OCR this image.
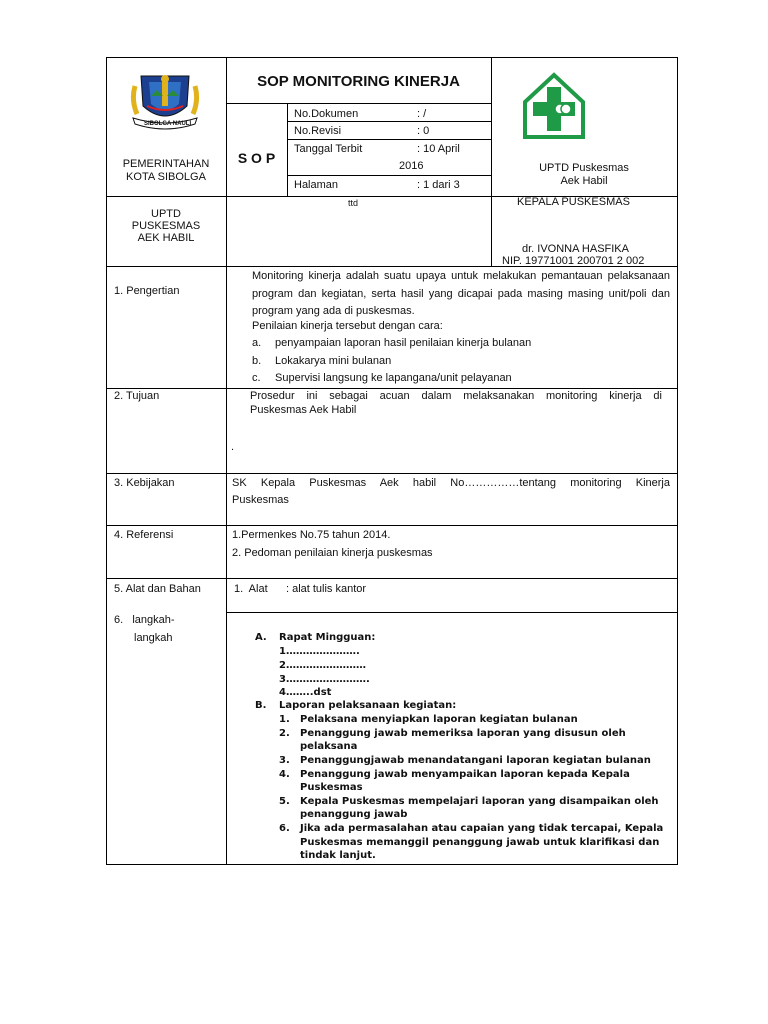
SIBOLGA NAULI
PEMERINTAHAN
KOTA SIBOLGA
SOP MONITORING KINERJA
S O P
No.Dokumen	: /
No.Revisi	: 0
Tanggal Terbit	: 10 April
2016
Halaman	: 1 dari 3
UPTD Puskesmas
Aek Habil
UPTD
PUSKESMAS
AEK HABIL
ttd	KEPALA PUSKESMAS
dr. IVONNA HASFIKA
NIP. 19771001 200701 2 002
1. Pengertian
Monitoring kinerja adalah suatu upaya untuk melakukan pemantauan pelaksanaan program dan kegiatan, serta hasil yang dicapai pada masing masing unit/poli dan program yang ada di puskesmas.
Penilaian kinerja tersebut dengan cara:
a. penyampaian laporan hasil penilaian kinerja bulanan
b. Lokakarya mini bulanan
c. Supervisi langsung ke lapangana/unit pelayanan
2. Tujuan	Prosedur ini sebagai acuan dalam melaksanakan monitoring kinerja di
Puskesmas Aek Habil
.
3. Kebijakan	SK Kepala Puskesmas Aek habil No……………tentang monitoring Kinerja
Puskesmas
4. Referensi	1.Permenkes No.75 tahun 2014.
2. Pedoman penilaian kinerja puskesmas
5. Alat dan Bahan	1.  Alat      : alat tulis kantor
6.   langkah-
langkah	A. Rapat Mingguan:
1………………….
2……………………
3…………………….
4……..dst
B. Laporan pelaksanaan kegiatan:
1. Pelaksana menyiapkan laporan kegiatan bulanan
2. Penanggung jawab memeriksa laporan yang disusun oleh
pelaksana
3. Penanggungjawab menandatangani laporan kegiatan bulanan
4. Penanggung jawab menyampaikan laporan kepada Kepala
Puskesmas
5. Kepala Puskesmas mempelajari laporan yang disampaikan oleh
penanggung jawab
6. Jika ada permasalahan atau capaian yang tidak tercapai, Kepala
Puskesmas memanggil penanggung jawab untuk klarifikasi dan
tindak lanjut.
